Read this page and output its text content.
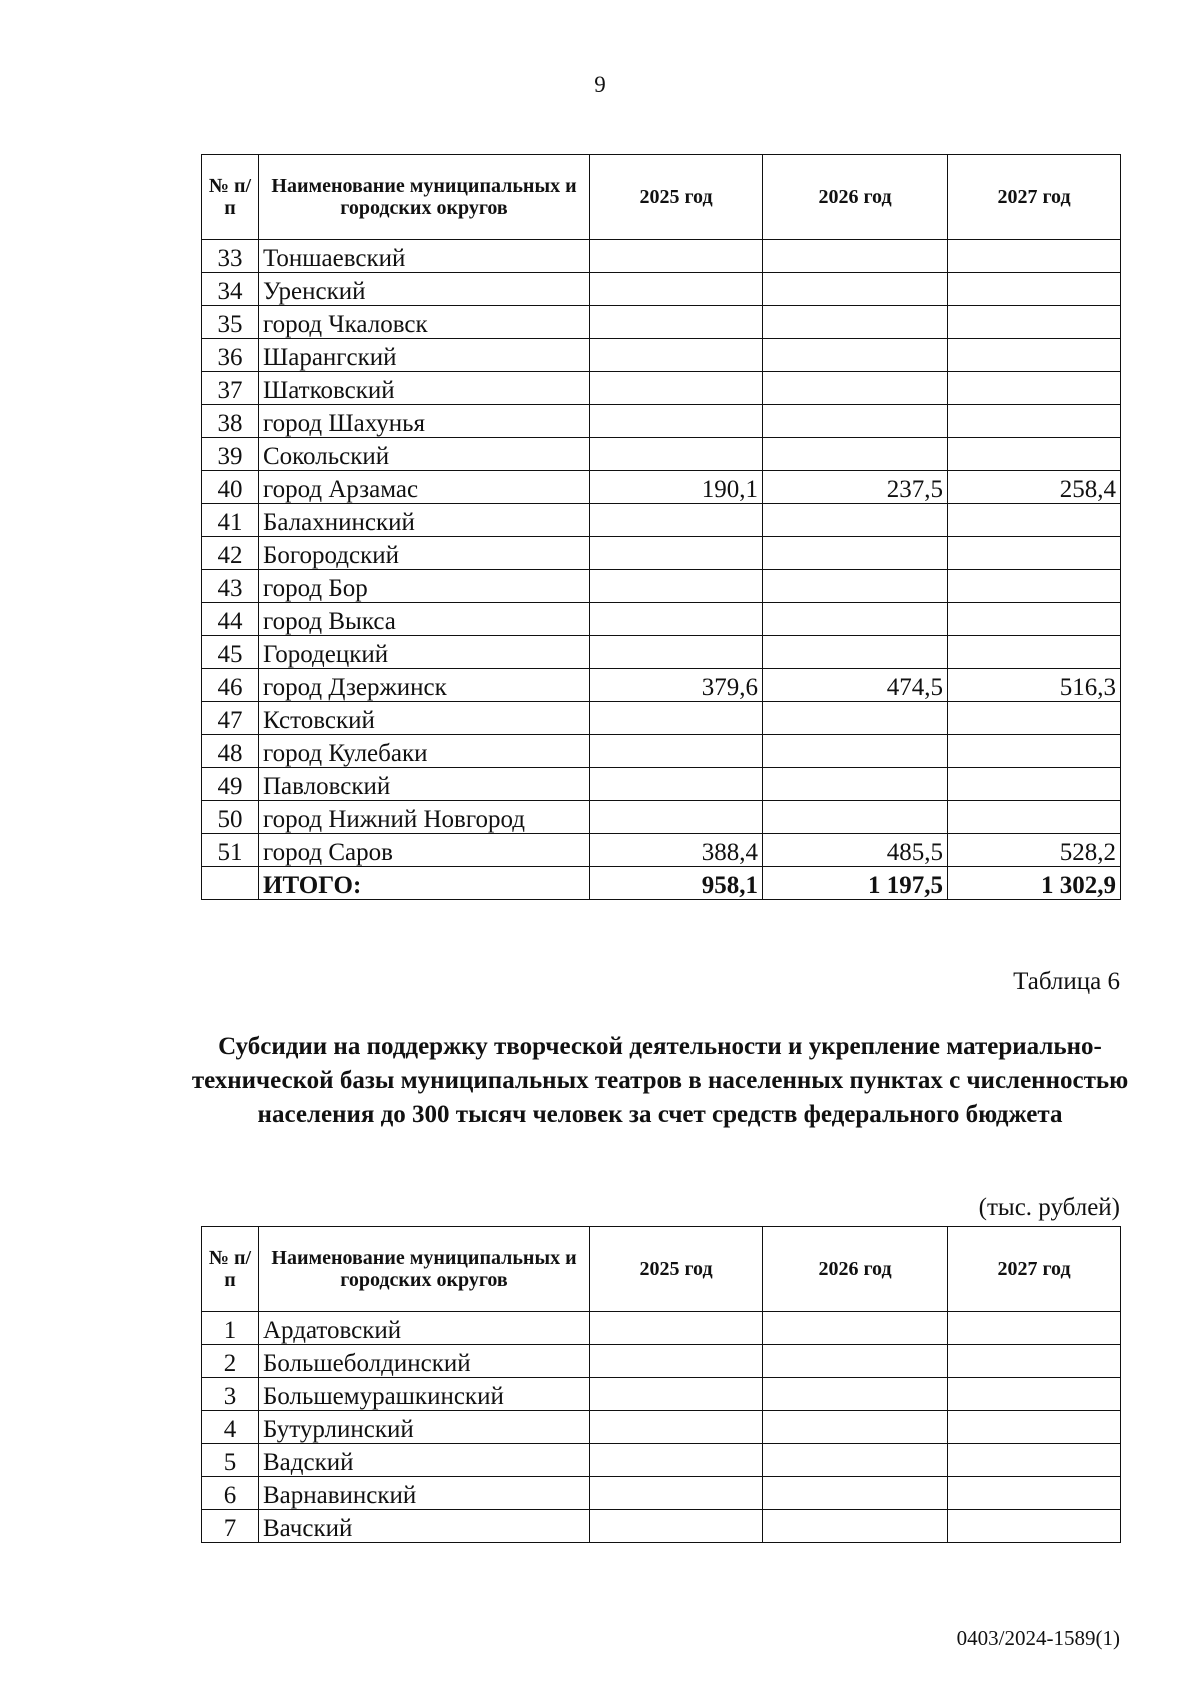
9
№ п/п	Наименование муниципальных и городских округов	2025 год	2026 год	2027 год
33	Тоншаевский			
34	Уренский			
35	город Чкаловск			
36	Шарангский			
37	Шатковский			
38	город Шахунья			
39	Сокольский			
40	город Арзамас	190,1	237,5	258,4
41	Балахнинский			
42	Богородский			
43	город Бор			
44	город Выкса			
45	Городецкий			
46	город Дзержинск	379,6	474,5	516,3
47	Кстовский			
48	город Кулебаки			
49	Павловский			
50	город Нижний Новгород			
51	город Саров	388,4	485,5	528,2
	ИТОГО:	958,1	1 197,5	1 302,9
Таблица 6
Субсидии на поддержку творческой деятельности и укрепление материально-технической базы муниципальных театров в населенных пунктах с численностью населения до 300 тысяч человек за счет средств федерального бюджета
(тыс. рублей)
№ п/п	Наименование муниципальных и городских округов	2025 год	2026 год	2027 год
1	Ардатовский			
2	Большеболдинский			
3	Большемурашкинский			
4	Бутурлинский			
5	Вадский			
6	Варнавинский			
7	Вачский			
0403/2024-1589(1)
